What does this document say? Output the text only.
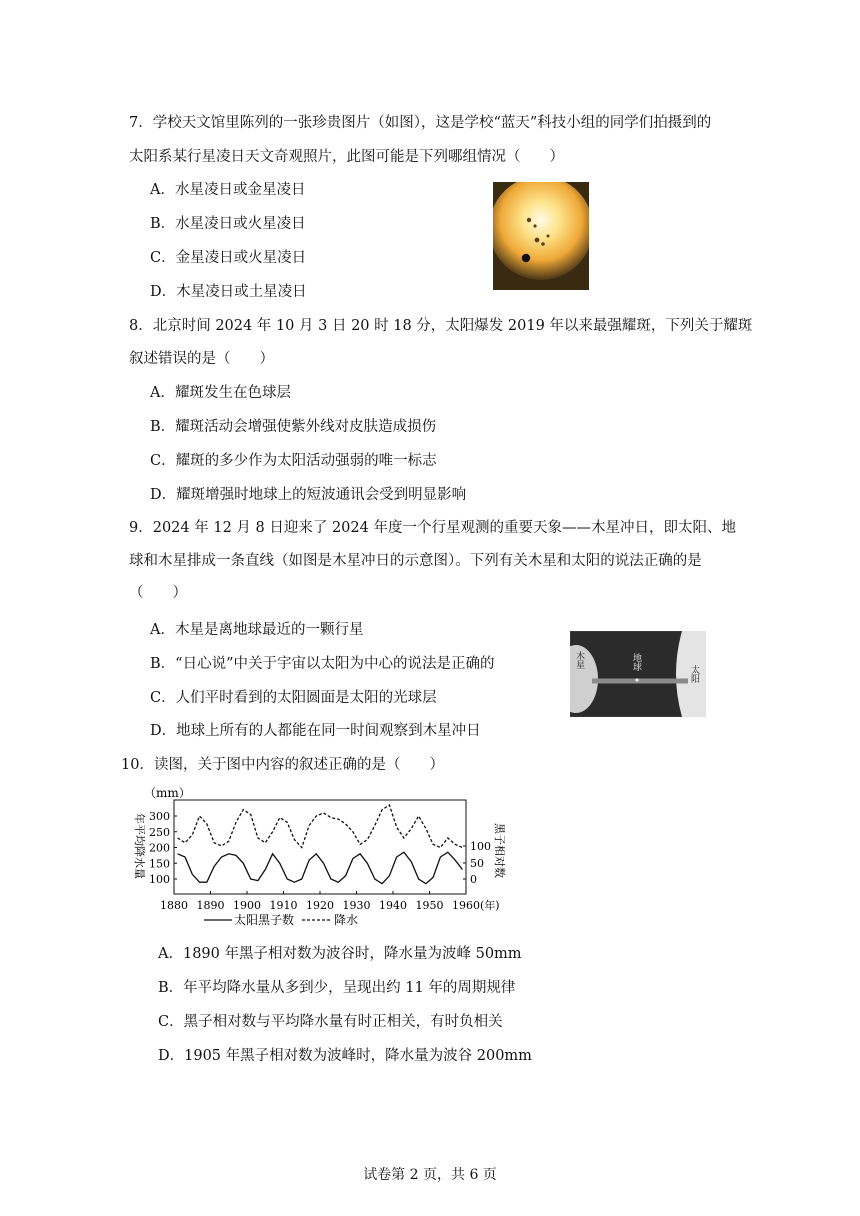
7．学校天文馆里陈列的一张珍贵图片（如图），这是学校“蓝天”科技小组的同学们拍摄到的
太阳系某行星凌日天文奇观照片，此图可能是下列哪组情况（　　）
A．水星凌日或金星凌日
B．水星凌日或火星凌日
C．金星凌日或火星凌日
D．木星凌日或土星凌日
8．北京时间 2024 年 10 月 3 日 20 时 18 分，太阳爆发 2019 年以来最强耀斑，下列关于耀斑
叙述错误的是（　　）
A．耀斑发生在色球层
B．耀斑活动会增强使紫外线对皮肤造成损伤
C．耀斑的多少作为太阳活动强弱的唯一标志
D．耀斑增强时地球上的短波通讯会受到明显影响
9．2024 年 12 月 8 日迎来了 2024 年度一个行星观测的重要天象——木星冲日，即太阳、地
球和木星排成一条直线（如图是木星冲日的示意图）。下列有关木星和太阳的说法正确的是
（　　）
A．木星是离地球最近的一颗行星
B．“日心说”中关于宇宙以太阳为中心的说法是正确的
C．人们平时看到的太阳圆面是太阳的光球层
D．地球上所有的人都能在同一时间观察到木星冲日
木星	地球
太阳
10．读图，关于图中内容的叙述正确的是（　　）
（mm）
年平均降水量	黑子相对数
300
250
200
150
100
100
50
0
1880 1890 1900 1910 1920 1930 1940 1950 1960(年)
太阳黑子数	降水
A．1890 年黑子相对数为波谷时，降水量为波峰 50mm
B．年平均降水量从多到少，呈现出约 11 年的周期规律
C．黑子相对数与平均降水量有时正相关，有时负相关
D．1905 年黑子相对数为波峰时，降水量为波谷 200mm
试卷第 2 页，共 6 页
